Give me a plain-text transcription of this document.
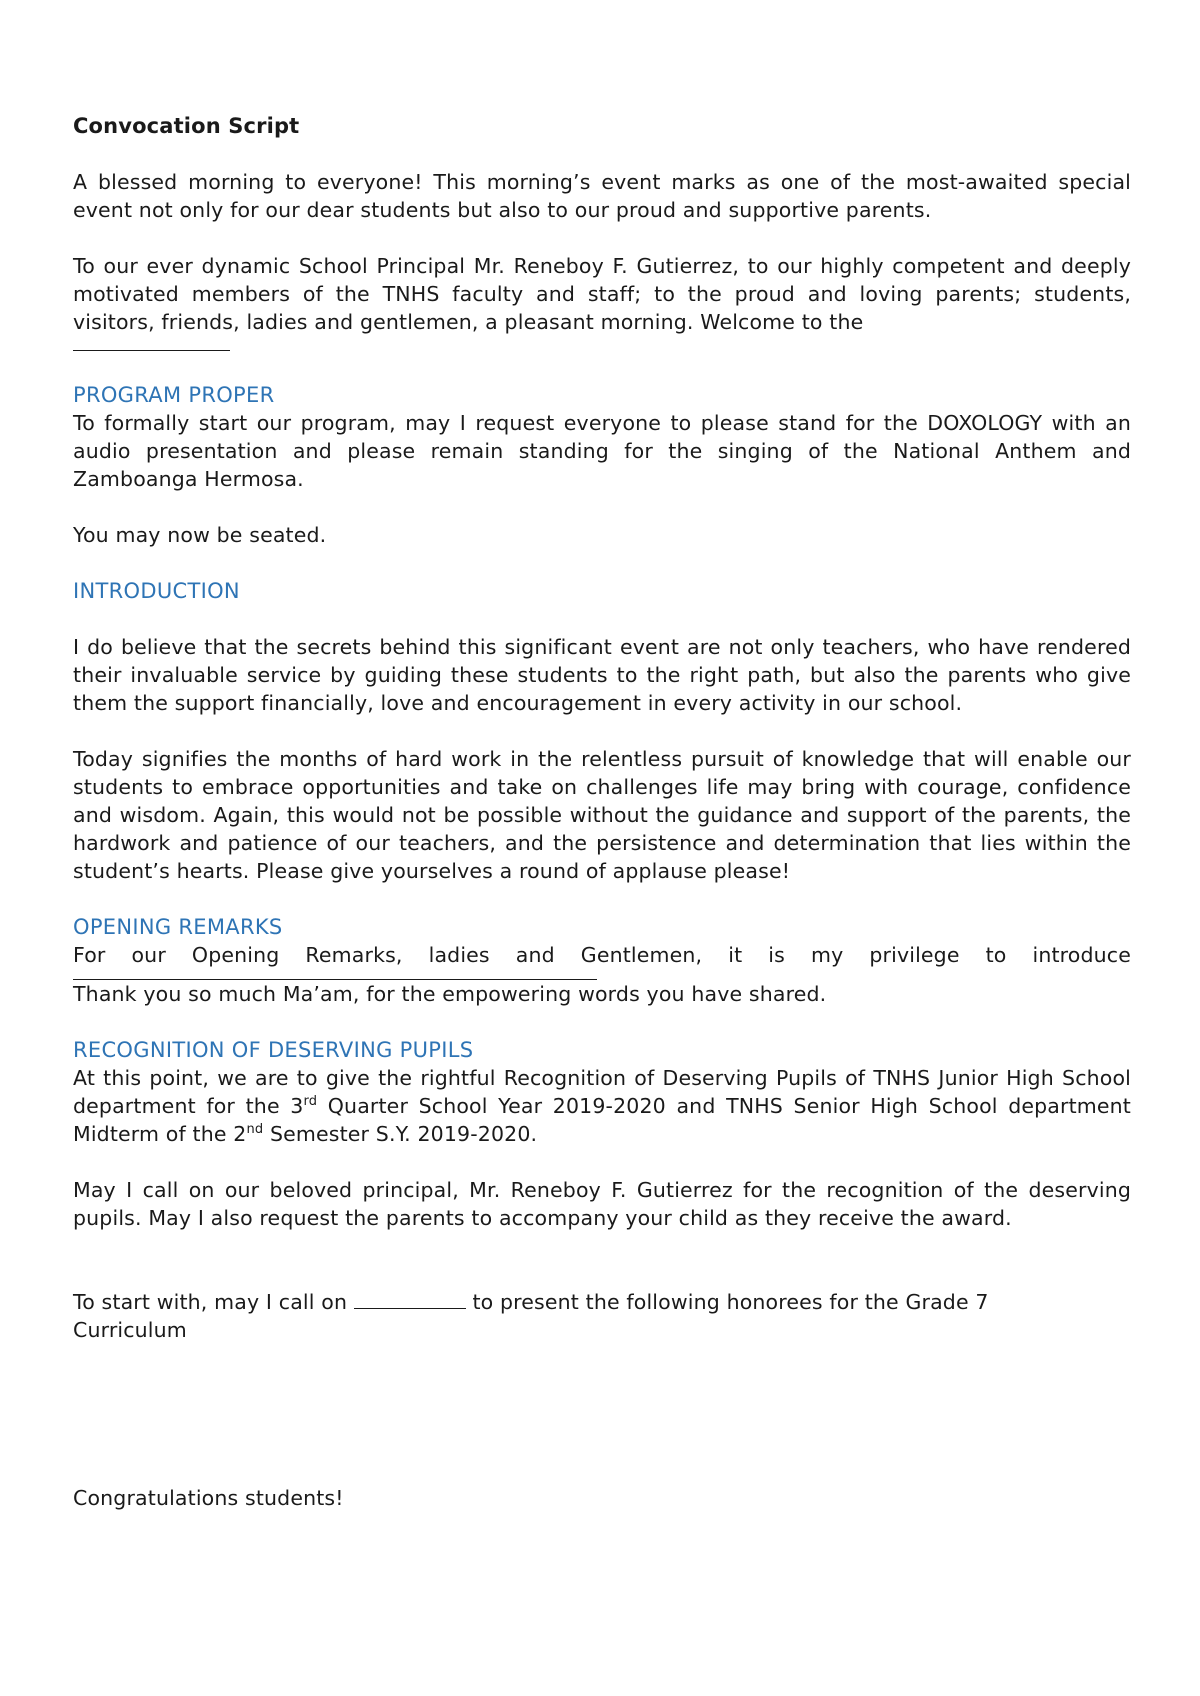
Convocation Script

A blessed morning to everyone! This morning’s event marks as one of the most-awaited special event not only for our dear students but also to our proud and supportive parents.

To our ever dynamic School Principal Mr. Reneboy F. Gutierrez, to our highly competent and deeply motivated members of the TNHS faculty and staff; to the proud and loving parents; students, visitors, friends, ladies and gentlemen, a pleasant morning. Welcome to the

PROGRAM PROPER

To formally start our program, may I request everyone to please stand for the DOXOLOGY with an audio presentation and please remain standing for the singing of the National Anthem and Zamboanga Hermosa.

You may now be seated.

INTRODUCTION

I do believe that the secrets behind this significant event are not only teachers, who have rendered their invaluable service by guiding these students to the right path, but also the parents who give them the support financially, love and encouragement in every activity in our school.

Today signifies the months of hard work in the relentless pursuit of knowledge that will enable our students to embrace opportunities and take on challenges life may bring with courage, confidence and wisdom. Again, this would not be possible without the guidance and support of the parents, the hardwork and patience of our teachers, and the persistence and determination that lies within the student’s hearts. Please give yourselves a round of applause please!

OPENING REMARKS

For our Opening Remarks, ladies and Gentlemen, it is my privilege to introduce

Thank you so much Ma’am, for the empowering words you have shared.

RECOGNITION OF DESERVING PUPILS

At this point, we are to give the rightful Recognition of Deserving Pupils of TNHS Junior High School department for the 3rd Quarter School Year 2019-2020 and TNHS Senior High School department Midterm of the 2nd Semester S.Y. 2019-2020.

May I call on our beloved principal, Mr. Reneboy F. Gutierrez for the recognition of the deserving pupils. May I also request the parents to accompany your child as they receive the award.

To start with, may I call on	to present the following honorees for the Grade 7 Curriculum

Congratulations students!
